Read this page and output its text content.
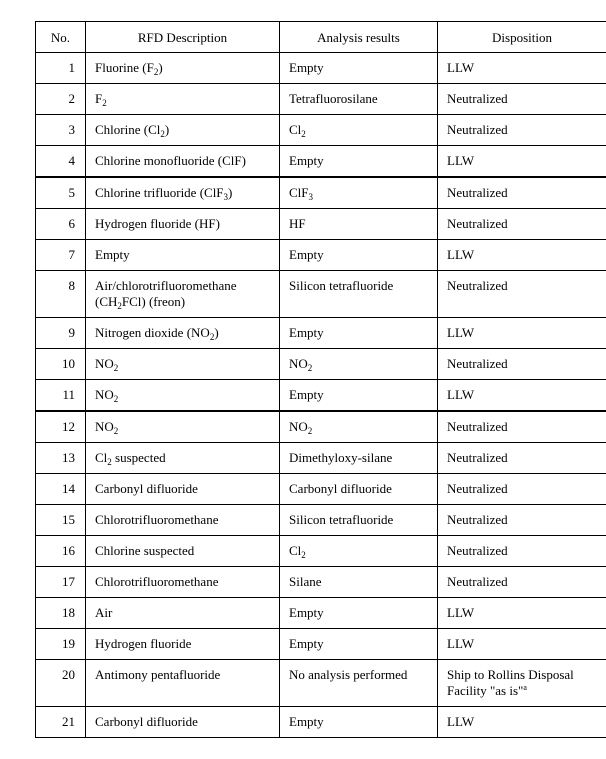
No.	RFD Description	Analysis results	Disposition
1	Fluorine $(F_2)$	Empty	LLW
2	$F_2$	Tetrafluorosilane	Neutralized
3	Chlorine $(Cl_2)$	$Cl_2$	Neutralized
4	Chlorine monofluoride (ClF)	Empty	LLW
5	Chlorine trifluoride (ClF$_3$)	ClF$_3$	Neutralized
6	Hydrogen fluoride (HF)	HF	Neutralized
7	Empty	Empty	LLW
8	Air/chlorotrifluoromethane $(CH_2FCl)$ (freon)	Silicon tetrafluoride	Neutralized
9	Nitrogen dioxide $(NO_2)$	Empty	LLW
10	$NO_2$	$NO_2$	Neutralized
11	$NO_2$	Empty	LLW
12	$NO_2$	$NO_2$	Neutralized
13	$Cl_2$ suspected	Dimethyloxy-silane	Neutralized
14	Carbonyl difluoride	Carbonyl difluoride	Neutralized
15	Chlorotrifluoromethane	Silicon tetrafluoride	Neutralized
16	Chlorine suspected	$Cl_2$	Neutralized
17	Chlorotrifluoromethane	Silane	Neutralized
18	Air	Empty	LLW
19	Hydrogen fluoride	Empty	LLW
20	Antimony pentafluoride	No analysis performed	Ship to Rollins Disposal Facility "as is"$^a$
21	Carbonyl difluoride	Empty	LLW
